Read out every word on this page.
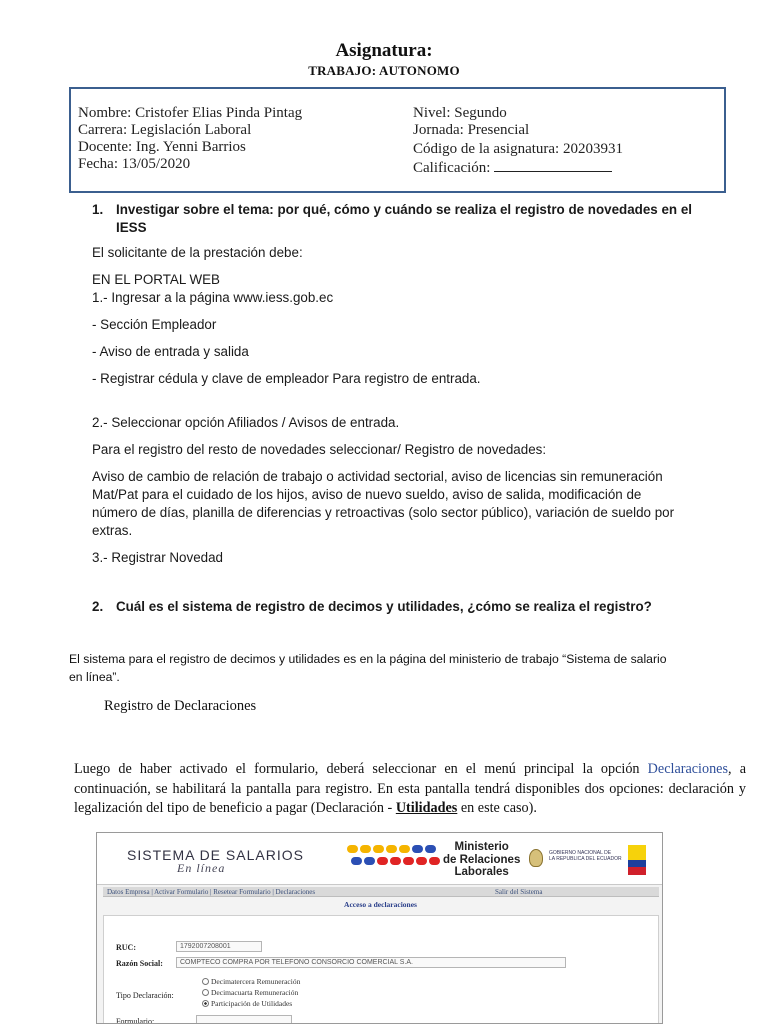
Asignatura:
TRABAJO: AUTONOMO
Nombre: Cristofer Elias Pinda Pintag
Carrera: Legislación Laboral
Docente: Ing. Yenni Barrios
Fecha: 13/05/2020
Nivel: Segundo
Jornada: Presencial
Código de la asignatura: 20203931
Calificación:
1. Investigar sobre el tema: por qué, cómo y cuándo se realiza el registro de novedades en el
IESS
El solicitante de la prestación debe:
EN EL PORTAL WEB
1.- Ingresar a la página www.iess.gob.ec
- Sección Empleador
- Aviso de entrada y salida
- Registrar cédula y clave de empleador Para registro de entrada.
2.- Seleccionar opción Afiliados / Avisos de entrada.
Para el registro del resto de novedades seleccionar/ Registro de novedades:
Aviso de cambio de relación de trabajo o actividad sectorial, aviso de licencias sin remuneración
Mat/Pat para el cuidado de los hijos, aviso de nuevo sueldo, aviso de salida, modificación de
número de días, planilla de diferencias y retroactivas (solo sector público), variación de sueldo por
extras.
3.- Registrar Novedad
2. Cuál es el sistema de registro de decimos y utilidades, ¿cómo se realiza el registro?
El sistema para el registro de decimos y utilidades es en la página del ministerio de trabajo “Sistema de salario
en línea”.
Registro de Declaraciones
Luego de haber activado el formulario, deberá seleccionar en el menú principal la opción Declaraciones, a continuación, se habilitará la pantalla para registro. En esta pantalla tendrá disponibles dos opciones: declaración y legalización del tipo de beneficio a pagar (Declaración - Utilidades en este caso).
SISTEMA DE SALARIOS
En línea
Ministerio
de Relaciones
Laborales
GOBIERNO NACIONAL DE
LA REPUBLICA DEL ECUADOR
Datos Empresa | Activar Formulario | Resetear Formulario | Declaraciones	Salir del Sistema
Acceso a declaraciones
RUC:	1792007208001
Razón Social:	COMPTECO COMPRA POR TELEFONO CONSORCIO COMERCIAL S.A.
Tipo Declaración:
Decimatercera Remuneración
Decimacuarta Remuneración
Participación de Utilidades
Formulario:
